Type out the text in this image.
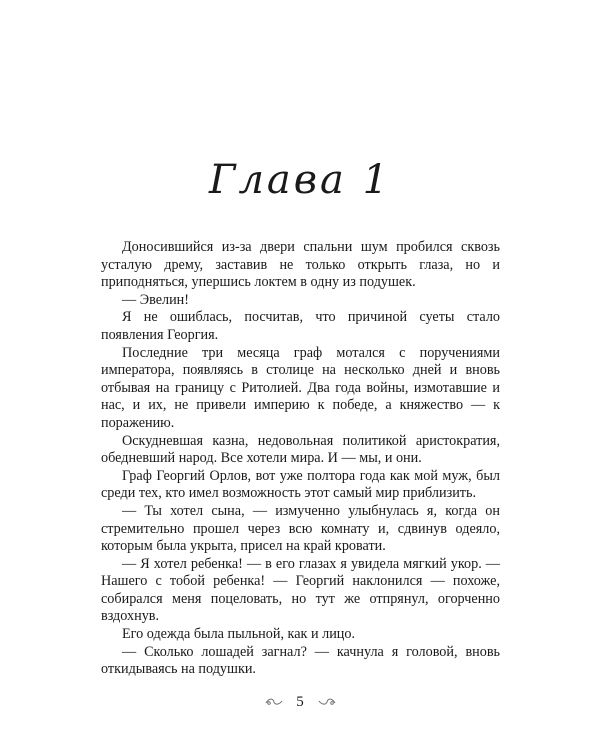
Глава 1

Доносившийся из-за двери спальни шум пробился сквозь усталую дрему, заставив не только открыть глаза, но и приподняться, упершись локтем в одну из подушек.

— Эвелин!

Я не ошиблась, посчитав, что причиной суеты стало появления Георгия.

Последние три месяца граф мотался с поручениями императора, появляясь в столице на несколько дней и вновь отбывая на границу с Ритолией. Два года войны, измотавшие и нас, и их, не привели империю к победе, а княжество — к поражению.

Оскудневшая казна, недовольная политикой аристократия, обедневший народ. Все хотели мира. И — мы, и они.

Граф Георгий Орлов, вот уже полтора года как мой муж, был среди тех, кто имел возможность этот самый мир приблизить.

— Ты хотел сына, — измученно улыбнулась я, когда он стремительно прошел через всю комнату и, сдвинув одеяло, которым была укрыта, присел на край кровати.

— Я хотел ребенка! — в его глазах я увидела мягкий укор. — Нашего с тобой ребенка! — Георгий наклонился — похоже, собирался меня поцеловать, но тут же отпрянул, огорченно вздохнув.

Его одежда была пыльной, как и лицо.

— Сколько лошадей загнал? — качнула я головой, вновь откидываясь на подушки.

5
